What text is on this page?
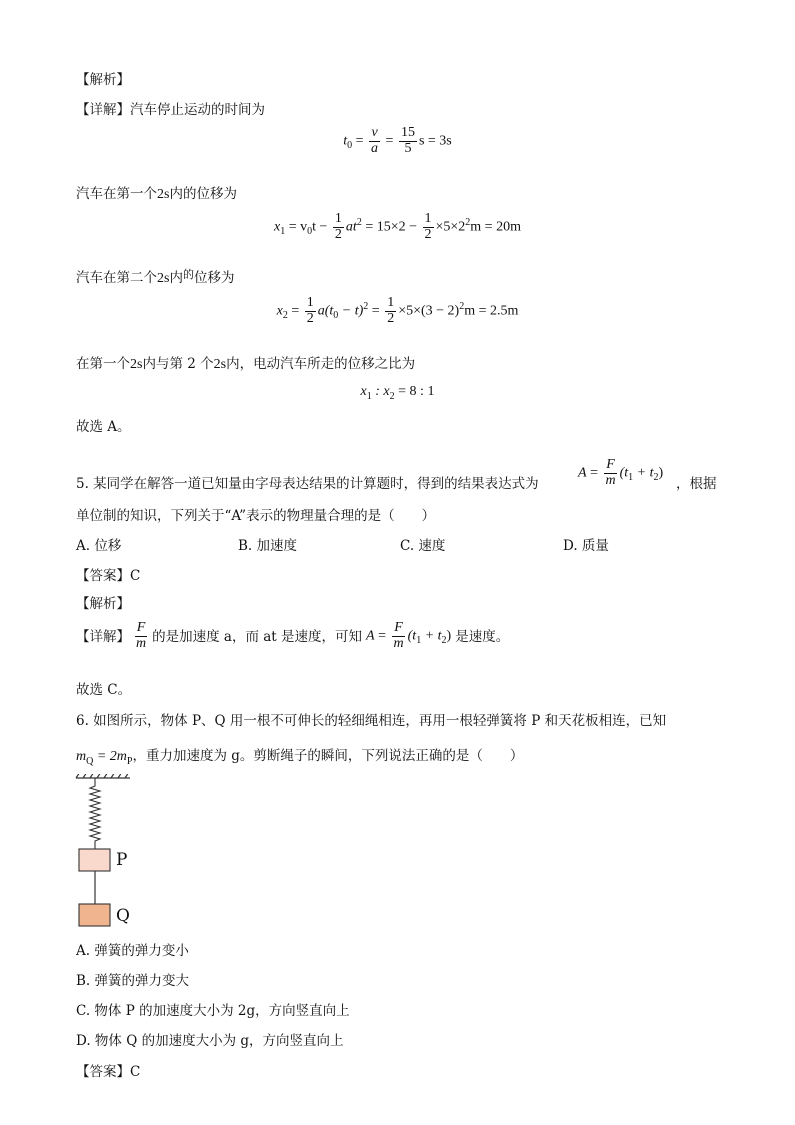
【解析】
【详解】汽车停止运动的时间为
$t_0 = \frac{v}{a} = \frac{15}{5}$ s = 3s
汽车在第一个2s内的位移为
$x_1 = v_0t - \frac{1}{2} at^2 = 15\times 2 - \frac{1}{2} \times 5\times 2^2m = 20m$
汽车在第二个2s内$^的$位移为
$x_2 = \frac{1}{2} a(t_0 - t)^2 = \frac{1}{2} \times 5\times(3 - 2)^2m = 2.5m$
在第一个2s内与第 2 个2s内，电动汽车所走的位移之比为
$x_1$ : $x_2 = 8$ : 1
故选 A。
5. 某同学在解答一道已知量由字母表达结果的计算题时，得到的结果表达式为
$A = \frac{F}{m} (t_1 + t_2)$
，根据
单位制的知识，下列关于“A”表示的物理量合理的是（　　）
A. 位移	B. 加速度	C. 速度	D. 质量
【答案】C
【解析】
【详解】 $\frac{F}{m}$ 的是加速度 a，而 at 是速度，可知 $A = \frac{F}{m} (t_1 + t_2)$ 是速度。
故选 C。
6. 如图所示，物体 P、Q 用一根不可伸长的轻细绳相连，再用一根轻弹簧将 P 和天花板相连，已知
$m_Q = 2m_P$，重力加速度为 g。剪断绳子的瞬间，下列说法正确的是（　　）
P
Q
A. 弹簧的弹力变小
B. 弹簧的弹力变大
C. 物体 P 的加速度大小为 2g，方向竖直向上
D. 物体 Q 的加速度大小为 g，方向竖直向上
【答案】C
